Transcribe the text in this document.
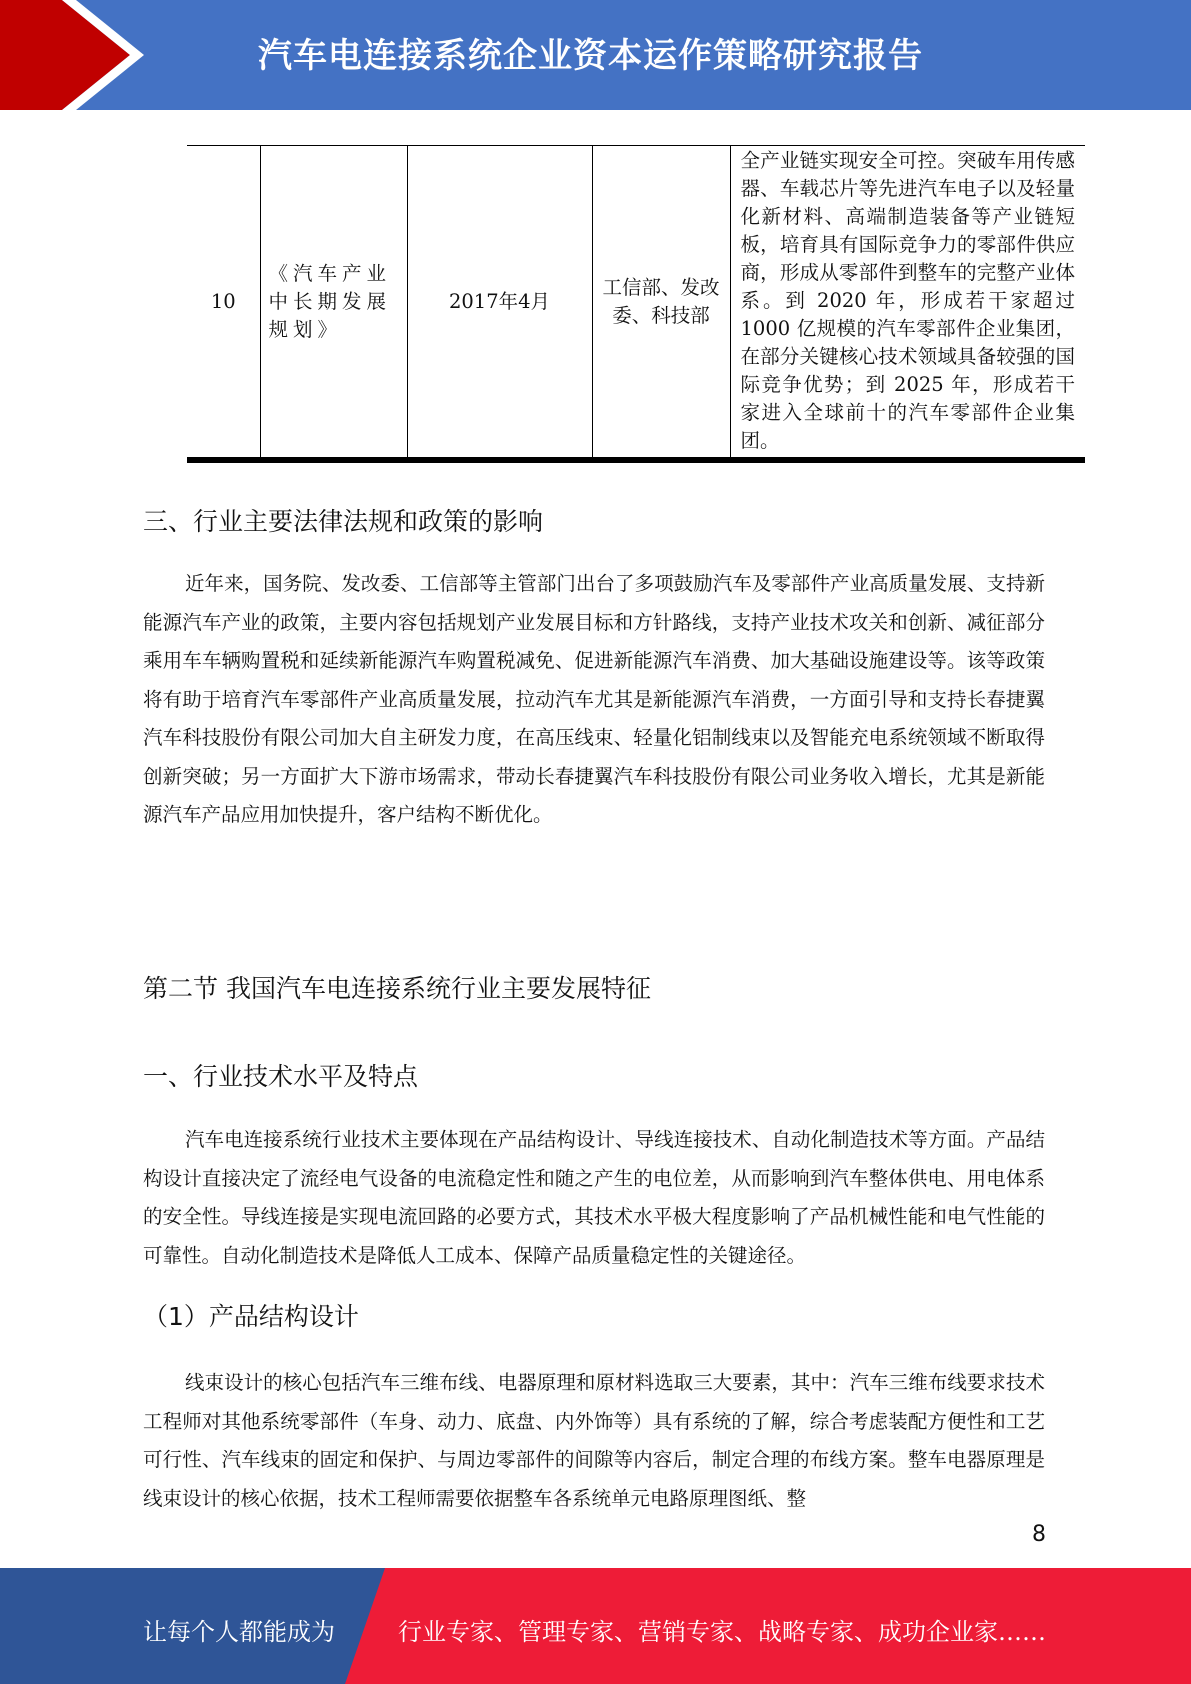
汽车电连接系统企业资本运作策略研究报告
10	《汽车产业中长期发展规划》	2017年4月	工信部、发改委、科技部	全产业链实现安全可控。突破车用传感器、车载芯片等先进汽车电子以及轻量化新材料、高端制造装备等产业链短板，培育具有国际竞争力的零部件供应商，形成从零部件到整车的完整产业体系。到 2020 年，形成若干家超过 1000 亿规模的汽车零部件企业集团，在部分关键核心技术领域具备较强的国际竞争优势；到 2025 年，形成若干家进入全球前十的汽车零部件企业集团。
三、行业主要法律法规和政策的影响
近年来，国务院、发改委、工信部等主管部门出台了多项鼓励汽车及零部件产业高质量发展、支持新能源汽车产业的政策，主要内容包括规划产业发展目标和方针路线，支持产业技术攻关和创新、减征部分乘用车车辆购置税和延续新能源汽车购置税减免、促进新能源汽车消费、加大基础设施建设等。该等政策将有助于培育汽车零部件产业高质量发展，拉动汽车尤其是新能源汽车消费，一方面引导和支持长春捷翼汽车科技股份有限公司加大自主研发力度，在高压线束、轻量化铝制线束以及智能充电系统领域不断取得创新突破；另一方面扩大下游市场需求，带动长春捷翼汽车科技股份有限公司业务收入增长，尤其是新能源汽车产品应用加快提升，客户结构不断优化。
第二节 我国汽车电连接系统行业主要发展特征
一、行业技术水平及特点
汽车电连接系统行业技术主要体现在产品结构设计、导线连接技术、自动化制造技术等方面。产品结构设计直接决定了流经电气设备的电流稳定性和随之产生的电位差，从而影响到汽车整体供电、用电体系的安全性。导线连接是实现电流回路的必要方式，其技术水平极大程度影响了产品机械性能和电气性能的可靠性。自动化制造技术是降低人工成本、保障产品质量稳定性的关键途径。
（1）产品结构设计
线束设计的核心包括汽车三维布线、电器原理和原材料选取三大要素，其中：汽车三维布线要求技术工程师对其他系统零部件（车身、动力、底盘、内外饰等）具有系统的了解，综合考虑装配方便性和工艺可行性、汽车线束的固定和保护、与周边零部件的间隙等内容后，制定合理的布线方案。整车电器原理是线束设计的核心依据，技术工程师需要依据整车各系统单元电路原理图纸、整
8
让每个人都能成为	行业专家、管理专家、营销专家、战略专家、成功企业家……
